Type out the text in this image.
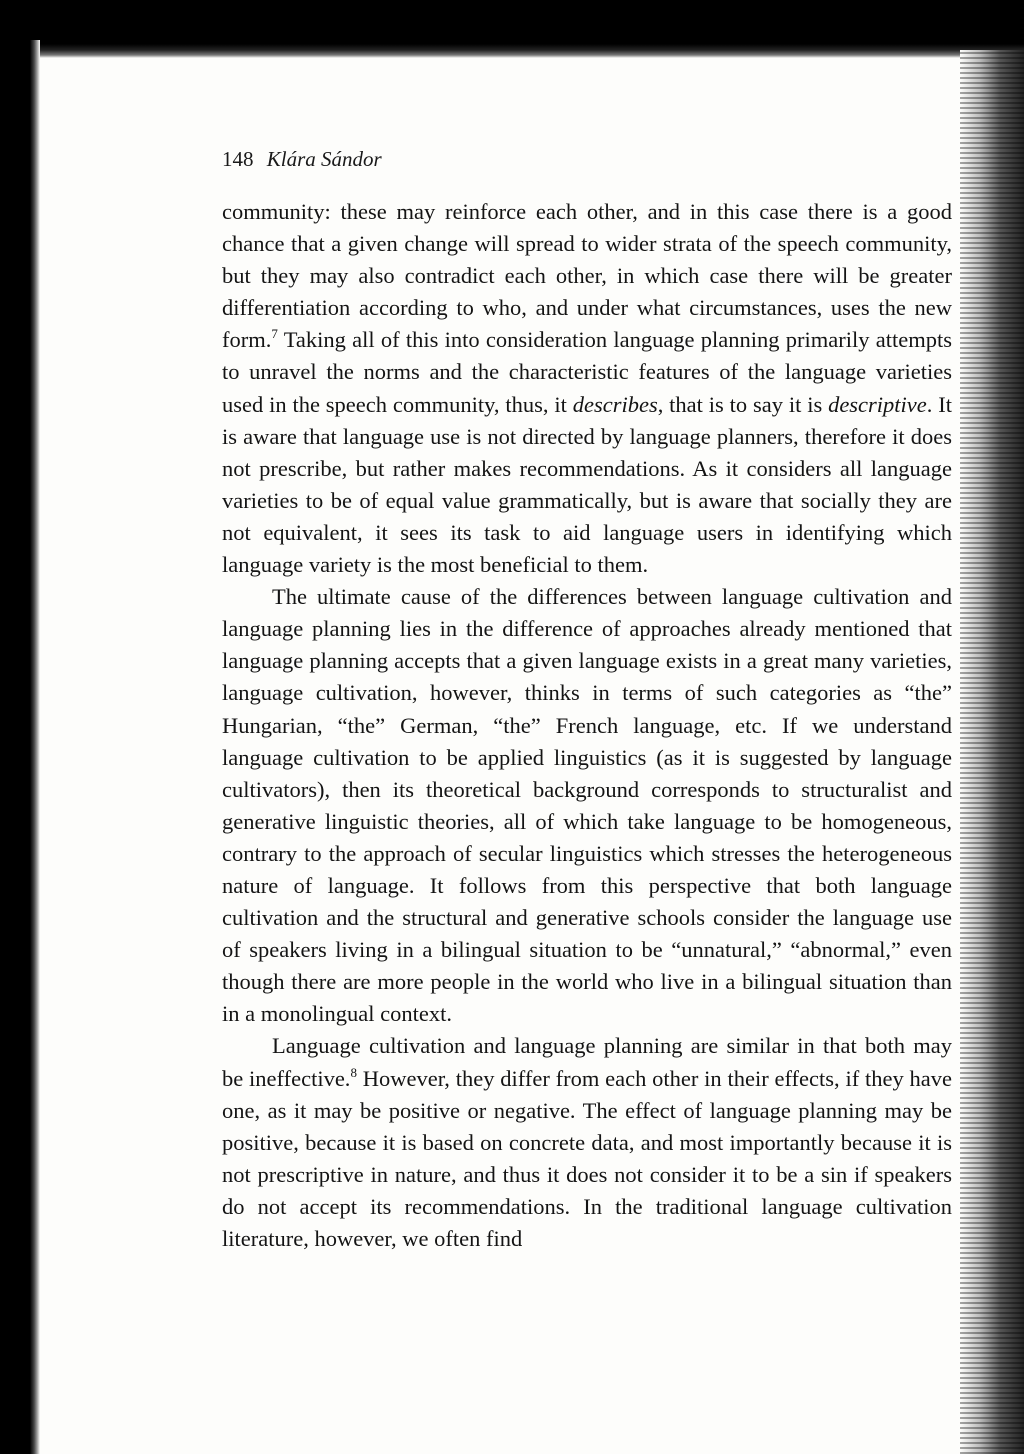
148 Klára Sándor

community: these may reinforce each other, and in this case there is a good chance that a given change will spread to wider strata of the speech community, but they may also contradict each other, in which case there will be greater differentiation according to who, and under what circumstances, uses the new form.$^7$ Taking all of this into consideration language planning primarily attempts to unravel the norms and the characteristic features of the language varieties used in the speech community, thus, it describes, that is to say it is descriptive. It is aware that language use is not directed by language planners, therefore it does not prescribe, but rather makes recommendations. As it considers all language varieties to be of equal value grammatically, but is aware that socially they are not equivalent, it sees its task to aid language users in identifying which language variety is the most beneficial to them.

The ultimate cause of the differences between language cultivation and language planning lies in the difference of approaches already mentioned that language planning accepts that a given language exists in a great many varieties, language cultivation, however, thinks in terms of such categories as “the” Hungarian, “the” German, “the” French language, etc. If we understand language cultivation to be applied linguistics (as it is suggested by language cultivators), then its theoretical background corresponds to structuralist and generative linguistic theories, all of which take language to be homogeneous, contrary to the approach of secular linguistics which stresses the heterogeneous nature of language. It follows from this perspective that both language cultivation and the structural and generative schools consider the language use of speakers living in a bilingual situation to be “unnatural,” “abnormal,” even though there are more people in the world who live in a bilingual situation than in a monolingual context.

Language cultivation and language planning are similar in that both may be ineffective.$^8$ However, they differ from each other in their effects, if they have one, as it may be positive or negative. The effect of language planning may be positive, because it is based on concrete data, and most importantly because it is not prescriptive in nature, and thus it does not consider it to be a sin if speakers do not accept its recommendations. In the traditional language cultivation literature, however, we often find
